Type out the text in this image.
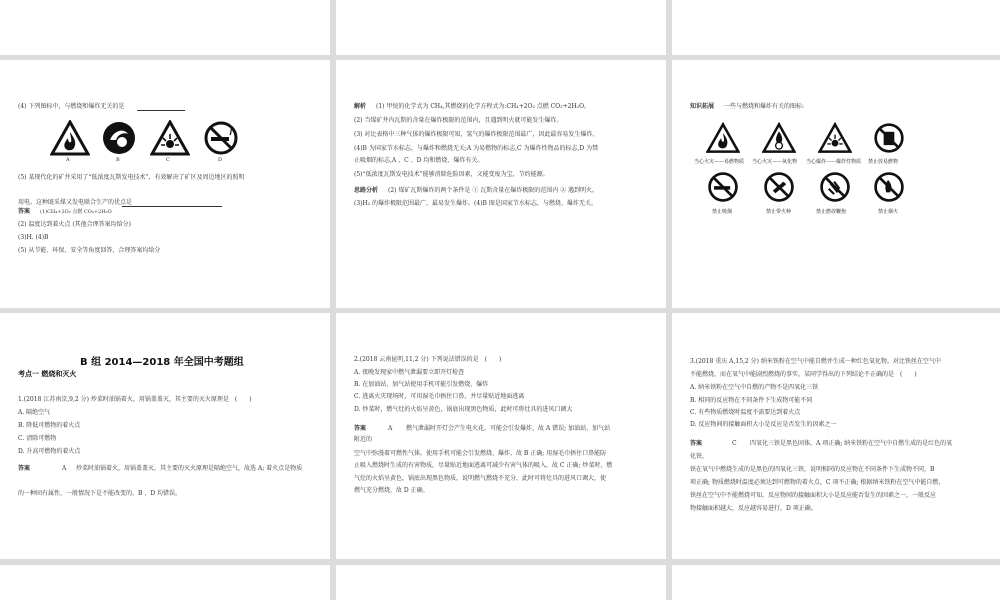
(4) 下列图标中，与燃烧和爆炸无关的是
A	B	C	D
(5) 某现代化的矿井采用了“低浓度瓦斯发电技术”，有效解决了矿区及周边地区的照明
用电。这种既采煤又发电联合生产的优点是
答案 (1)CH₄+2O₂ 点燃 CO₂+2H₂O
(2) 温度达到着火点 (其他合理答案均给分)
(3)H. (4)B
(5) 从节能、环保、安全等角度回答，合理答案均给分
解析 (1) 甲烷的化学式为 CH₄,其燃烧的化学方程式为:CH₄+2O₂ 点燃 CO₂+2H₂O。
(2) 当煤矿井内瓦斯的含量在爆炸极限的范围内，且遇到明火就可能发生爆炸。
(3) 对比表格中三种气体的爆炸极限可知，氢气的爆炸极限范围最广，因此最容易发生爆炸。
(4)B 为国家节水标志，与爆炸和燃烧无关;A 为易燃物的标志,C 为爆炸性物品的标志,D 为禁
止吸烟的标志,A 、C 、D 均和燃烧、爆炸有关。
(5)“低浓度瓦斯发电技术”能够消除危险因素，又能变废为宝，节约能源。
思路分析 (2) 煤矿瓦斯爆炸的两个条件是 ① 瓦斯含量在爆炸极限的范围内 ② 遇到明火。
(3)H₂ 的爆炸极限范围最广，最易发生爆炸。(4)B 图是国家节水标志，与燃烧、爆炸无关。
知识拓展 一些与燃烧和爆炸有关的图标:
当心火灾——易燃物质 当心火灾——氧化物 当心爆炸——爆炸性物质 禁止放易燃物
禁止吸烟	禁止带火种	禁止燃放鞭炮	禁止烟火
B 组 2014—2018 年全国中考题组
考点一 燃烧和灭火
1.(2018 江苏南京,9,2 分) 炒菜时油锅着火，用锅盖盖灭，其主要的灭火原理是　(　　)
A. 隔绝空气
B. 降低可燃物的着火点
C. 清除可燃物
D. 升高可燃物的着火点
答案	A 炒菜时油锅着火，用锅盖盖灭，其主要的灭火原理是隔绝空气，故选 A; 着火点是物质
的一种固有属性，一般情况下是不能改变的，B 、D 均错误。
2.(2018 云南昆明,11,2 分) 下列说法错误的是　(　　)
A. 夜晚发现家中燃气泄漏要立即开灯检查
B. 在加油站、加气站使用手机可能引发燃烧、爆炸
C. 逃离火灾现场时，可用湿毛巾捂住口鼻，并尽量贴近地面逃离
D. 炒菜时，燃气灶的火焰呈黄色，锅底出现黑色物质，此时可将灶具的进风口调大
答案	A 燃气泄漏时开灯会产生电火花，可能会引发爆炸，故 A 错误; 加油站、加气站
附近的
空气中弥漫着可燃性气体，使用手机可能会引发燃烧、爆炸，故 B 正确; 用湿毛巾捂住口鼻能防
止吸入燃烧时生成的有害物质，尽量贴近地面逃离可减少有害气体的吸入，故 C 正确; 炒菜时，燃
气灶的火焰呈黄色，锅底出现黑色物质，说明燃气燃烧不充分，此时可将灶具的进风口调大，使
燃气充分燃烧，故 D 正确。
3.(2018 重庆 A,15,2 分) 纳米铁粉在空气中能自燃并生成一种红色氧化物。对比铁丝在空气中
不能燃烧，而在氧气中能剧烈燃烧的事实，某同学得出的下列结论不正确的是　(　　)
A. 纳米铁粉在空气中自燃的产物不是四氧化三铁
B. 相同的反应物在不同条件下生成物可能不同
C. 有些物质燃烧时温度不需要达到着火点
D. 反应物间的接触面积大小是反应是否发生的因素之一
答案	C 四氧化三铁是黑色固体，A 项正确; 纳米铁粉在空气中自燃生成的是红色的氧
化铁，
铁在氧气中燃烧生成的是黑色的四氧化三铁，说明相同的反应物在不同条件下生成物不同，B
项正确; 物质燃烧时温度必须达到可燃物的着火点，C 项不正确; 根据纳米铁粉在空气中能自燃，
铁丝在空气中不能燃烧可知，反应物间的接触面积大小是反应能否发生的因素之一，一般反应
物接触面积越大，反应越容易进行，D 项正确。
